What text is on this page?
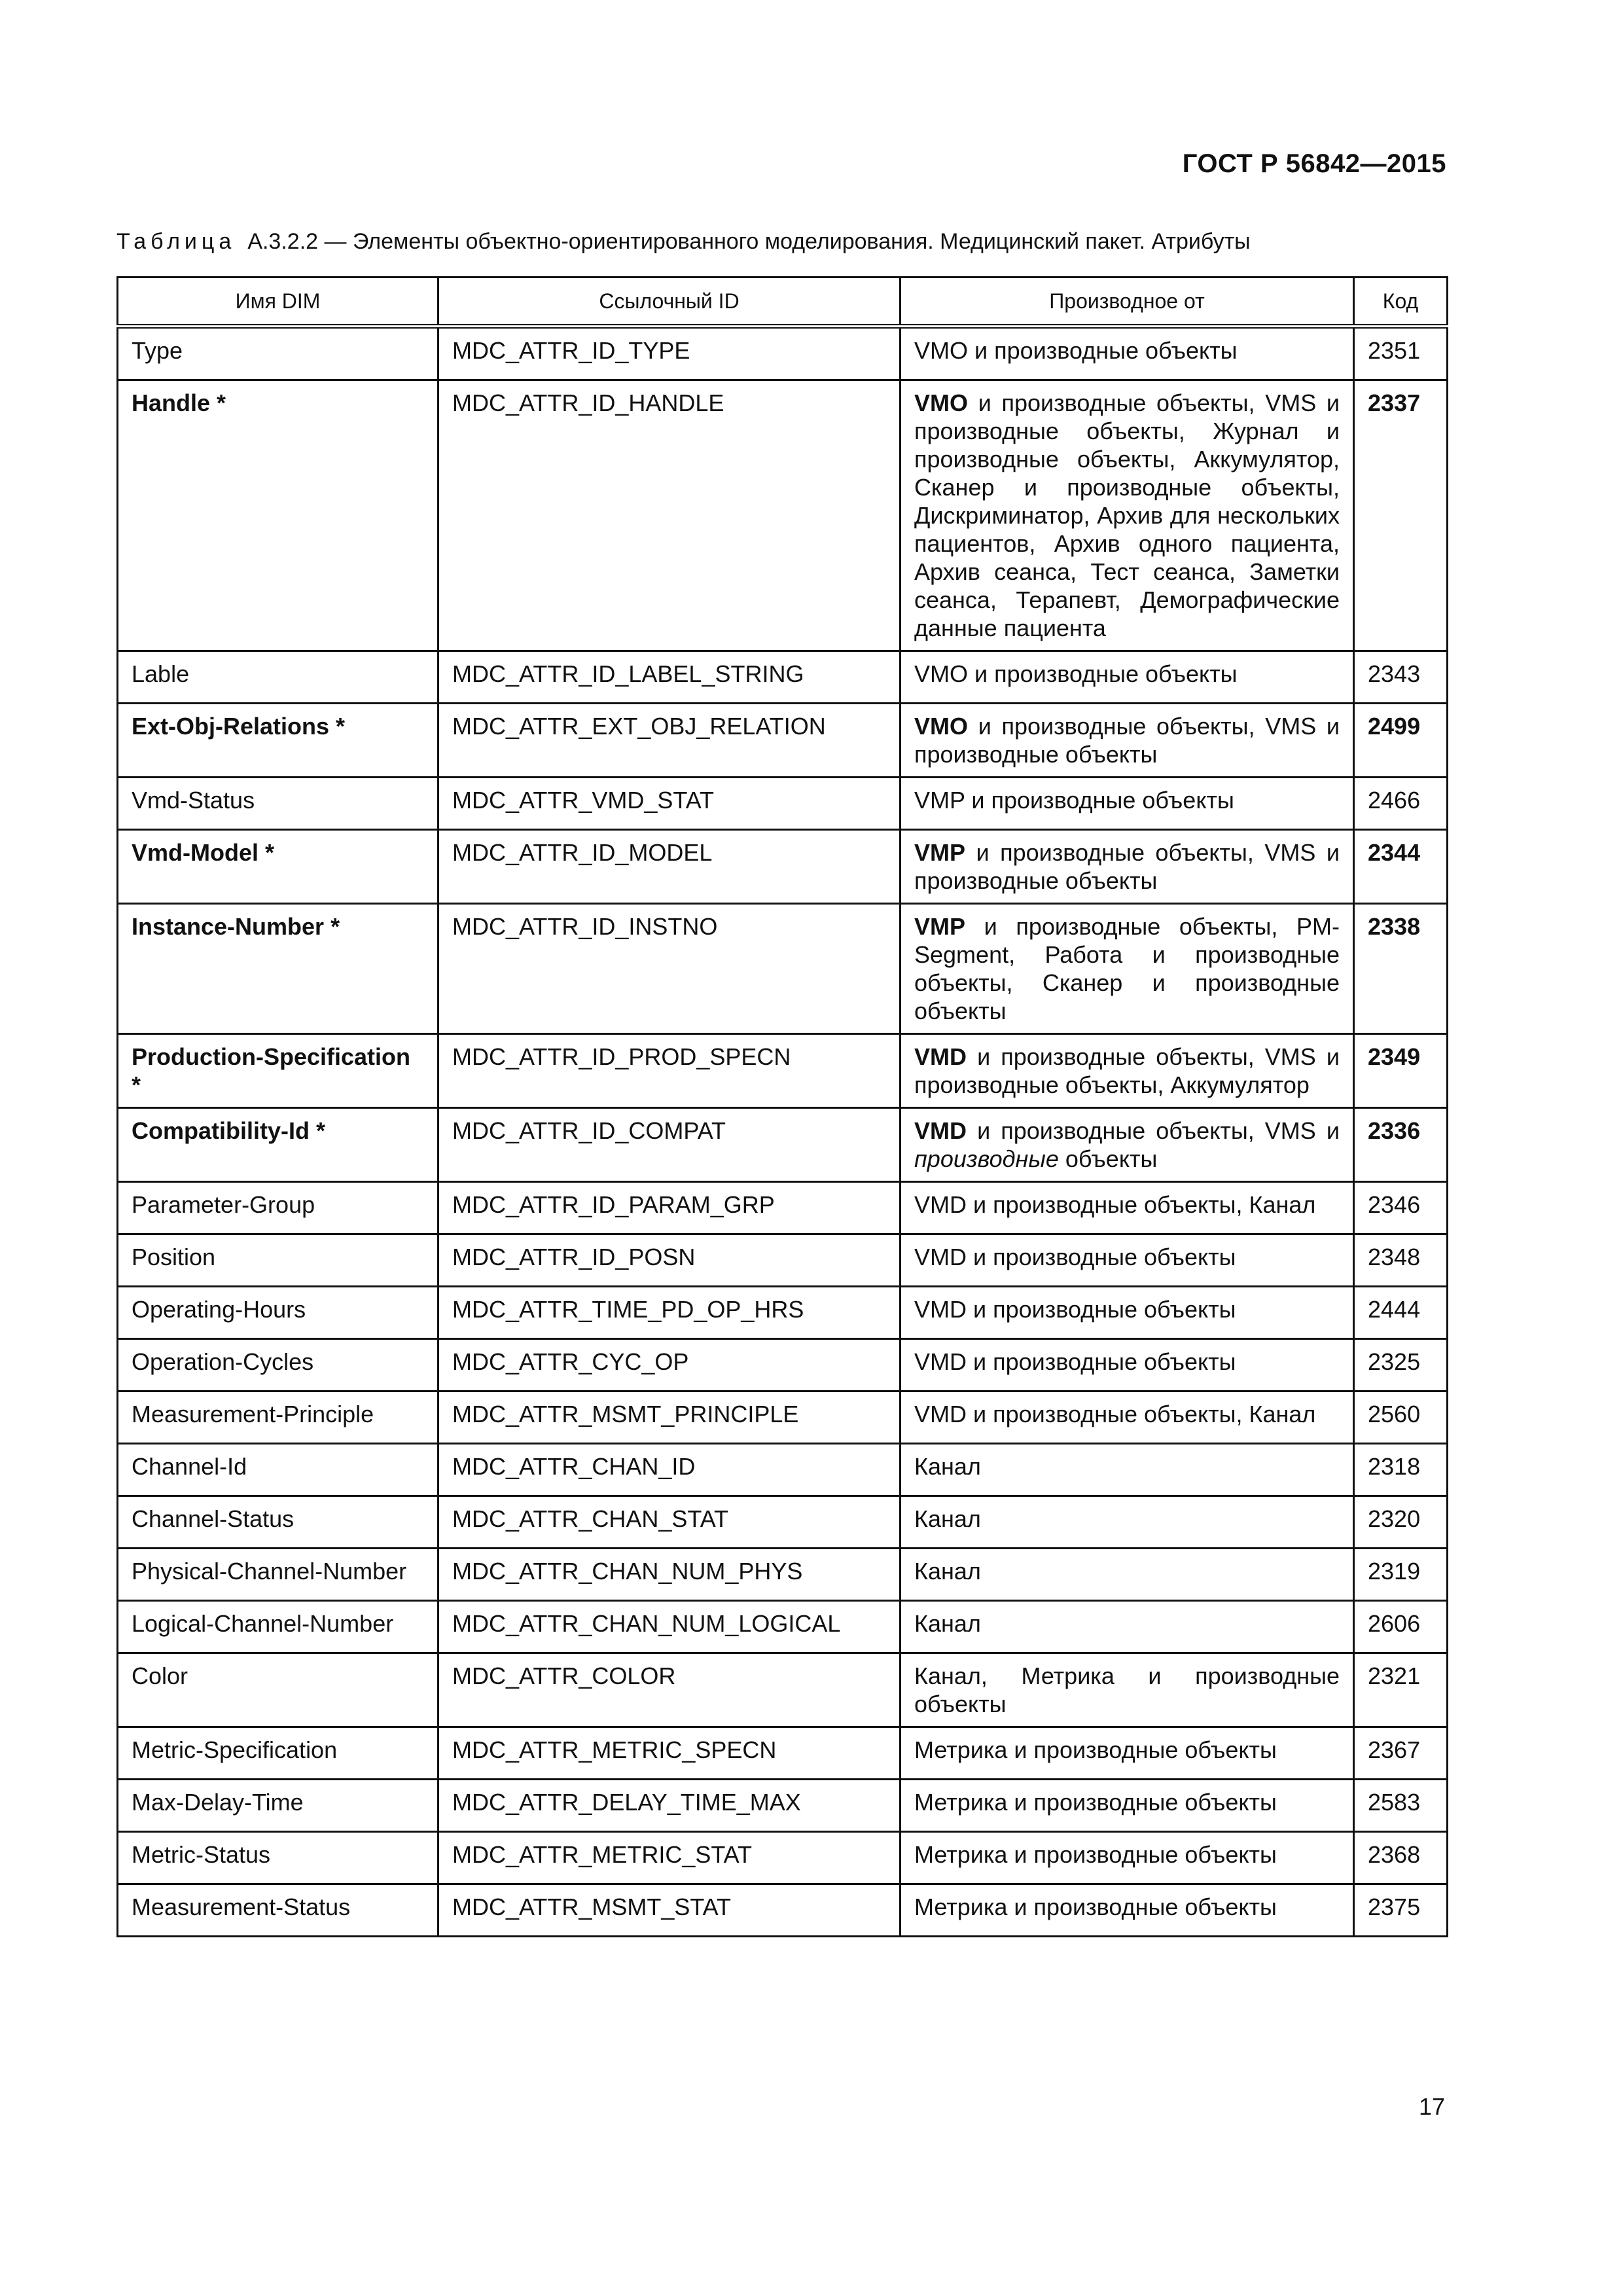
ГОСТ Р 56842—2015
Таблица А.3.2.2 — Элементы объектно-ориентированного моделирования. Медицинский пакет. Атрибуты
Имя DIM	Ссылочный ID	Производное от	Код
Type	MDC_ATTR_ID_TYPE	VMO и производные объекты	2351
Handle *	MDC_ATTR_ID_HANDLE	VMO и производные объекты, VMS и производные объекты, Журнал и производные объекты, Аккумулятор, Сканер и производные объекты, Дискриминатор, Архив для нескольких пациентов, Архив одного пациента, Архив сеанса, Тест сеанса, Заметки сеанса, Терапевт, Демографические данные пациента	2337
Lable	MDC_ATTR_ID_LABEL_STRING	VMO и производные объекты	2343
Ext-Obj-Relations *	MDC_ATTR_EXT_OBJ_RELATION	VMO и производные объекты, VMS и производные объекты	2499
Vmd-Status	MDC_ATTR_VMD_STAT	VMP и производные объекты	2466
Vmd-Model *	MDC_ATTR_ID_MODEL	VMP и производные объекты, VMS и производные объекты	2344
Instance-Number *	MDC_ATTR_ID_INSTNO	VMP и производные объекты, PM-Segment, Работа и производные объекты, Сканер и производные объекты	2338
Production-Specification *	MDC_ATTR_ID_PROD_SPECN	VMD и производные объекты, VMS и производные объекты, Аккумулятор	2349
Compatibility-Id *	MDC_ATTR_ID_COMPAT	VMD и производные объекты, VMS и производные объекты	2336
Parameter-Group	MDC_ATTR_ID_PARAM_GRP	VMD и производные объекты, Канал	2346
Position	MDC_ATTR_ID_POSN	VMD и производные объекты	2348
Operating-Hours	MDC_ATTR_TIME_PD_OP_HRS	VMD и производные объекты	2444
Operation-Cycles	MDC_ATTR_CYC_OP	VMD и производные объекты	2325
Measurement-Principle	MDC_ATTR_MSMT_PRINCIPLE	VMD и производные объекты, Канал	2560
Channel-Id	MDC_ATTR_CHAN_ID	Канал	2318
Channel-Status	MDC_ATTR_CHAN_STAT	Канал	2320
Physical-Channel-Number	MDC_ATTR_CHAN_NUM_PHYS	Канал	2319
Logical-Channel-Number	MDC_ATTR_CHAN_NUM_LOGICAL	Канал	2606
Color	MDC_ATTR_COLOR	Канал, Метрика и производные объекты	2321
Metric-Specification	MDC_ATTR_METRIC_SPECN	Метрика и производные объекты	2367
Max-Delay-Time	MDC_ATTR_DELAY_TIME_MAX	Метрика и производные объекты	2583
Metric-Status	MDC_ATTR_METRIC_STAT	Метрика и производные объекты	2368
Measurement-Status	MDC_ATTR_MSMT_STAT	Метрика и производные объекты	2375
17
